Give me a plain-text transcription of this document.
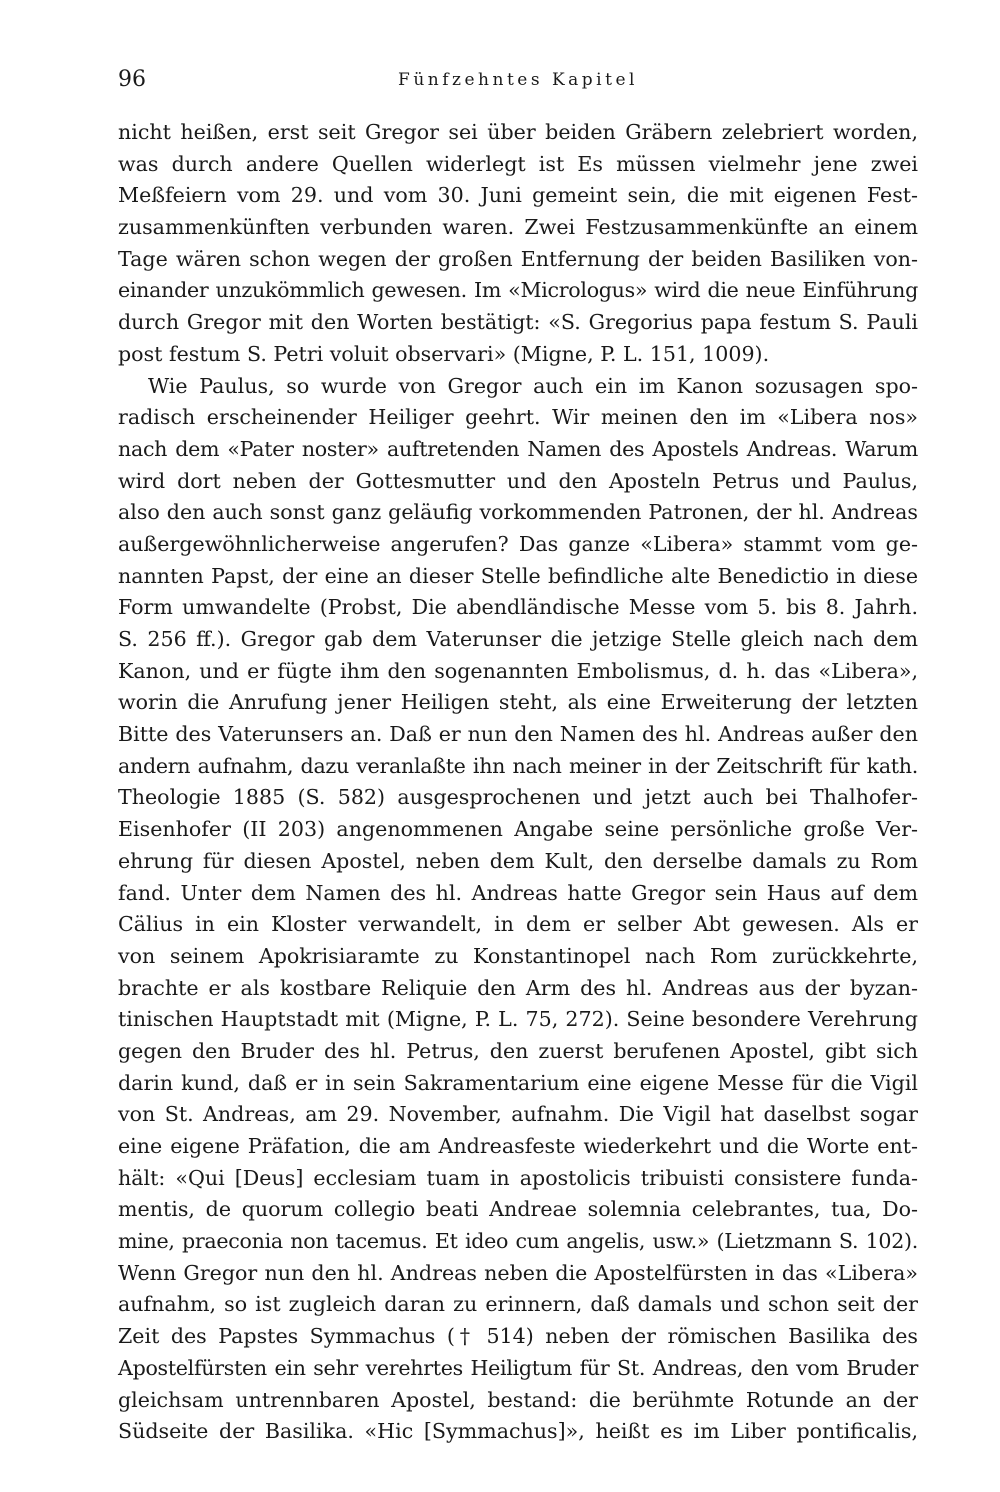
96	Fünfzehntes Kapitel
nicht heißen, erst seit Gregor sei über beiden Gräbern zelebriert worden,
was durch andere Quellen widerlegt ist Es müssen vielmehr jene zwei
Meßfeiern vom 29. und vom 30. Juni gemeint sein, die mit eigenen Fest-
zusammenkünften verbunden waren. Zwei Festzusammenkünfte an einem
Tage wären schon wegen der großen Entfernung der beiden Basiliken von-
einander unzukömmlich gewesen. Im «Micrologus» wird die neue Einführung
durch Gregor mit den Worten bestätigt: «S. Gregorius papa festum S. Pauli
post festum S. Petri voluit observari» (Migne, P. L. 151, 1009).
Wie Paulus, so wurde von Gregor auch ein im Kanon sozusagen spo-
radisch erscheinender Heiliger geehrt. Wir meinen den im «Libera nos»
nach dem «Pater noster» auftretenden Namen des Apostels Andreas. Warum
wird dort neben der Gottesmutter und den Aposteln Petrus und Paulus,
also den auch sonst ganz geläufig vorkommenden Patronen, der hl. Andreas
außergewöhnlicherweise angerufen? Das ganze «Libera» stammt vom ge-
nannten Papst, der eine an dieser Stelle befindliche alte Benedictio in diese
Form umwandelte (Probst, Die abendländische Messe vom 5. bis 8. Jahrh.
S. 256 ff.). Gregor gab dem Vaterunser die jetzige Stelle gleich nach dem
Kanon, und er fügte ihm den sogenannten Embolismus, d. h. das «Libera»,
worin die Anrufung jener Heiligen steht, als eine Erweiterung der letzten
Bitte des Vaterunsers an. Daß er nun den Namen des hl. Andreas außer den
andern aufnahm, dazu veranlaßte ihn nach meiner in der Zeitschrift für kath.
Theologie 1885 (S. 582) ausgesprochenen und jetzt auch bei Thalhofer-
Eisenhofer (II 203) angenommenen Angabe seine persönliche große Ver-
ehrung für diesen Apostel, neben dem Kult, den derselbe damals zu Rom
fand. Unter dem Namen des hl. Andreas hatte Gregor sein Haus auf dem
Cälius in ein Kloster verwandelt, in dem er selber Abt gewesen. Als er
von seinem Apokrisiaramte zu Konstantinopel nach Rom zurückkehrte,
brachte er als kostbare Reliquie den Arm des hl. Andreas aus der byzan-
tinischen Hauptstadt mit (Migne, P. L. 75, 272). Seine besondere Verehrung
gegen den Bruder des hl. Petrus, den zuerst berufenen Apostel, gibt sich
darin kund, daß er in sein Sakramentarium eine eigene Messe für die Vigil
von St. Andreas, am 29. November, aufnahm. Die Vigil hat daselbst sogar
eine eigene Präfation, die am Andreasfeste wiederkehrt und die Worte ent-
hält: «Qui [Deus] ecclesiam tuam in apostolicis tribuisti consistere funda-
mentis, de quorum collegio beati Andreae solemnia celebrantes, tua, Do-
mine, praeconia non tacemus. Et ideo cum angelis, usw.» (Lietzmann S. 102).
Wenn Gregor nun den hl. Andreas neben die Apostelfürsten in das «Libera»
aufnahm, so ist zugleich daran zu erinnern, daß damals und schon seit der
Zeit des Papstes Symmachus († 514) neben der römischen Basilika des
Apostelfürsten ein sehr verehrtes Heiligtum für St. Andreas, den vom Bruder
gleichsam untrennbaren Apostel, bestand: die berühmte Rotunde an der
Südseite der Basilika. «Hic [Symmachus]», heißt es im Liber pontificalis,
